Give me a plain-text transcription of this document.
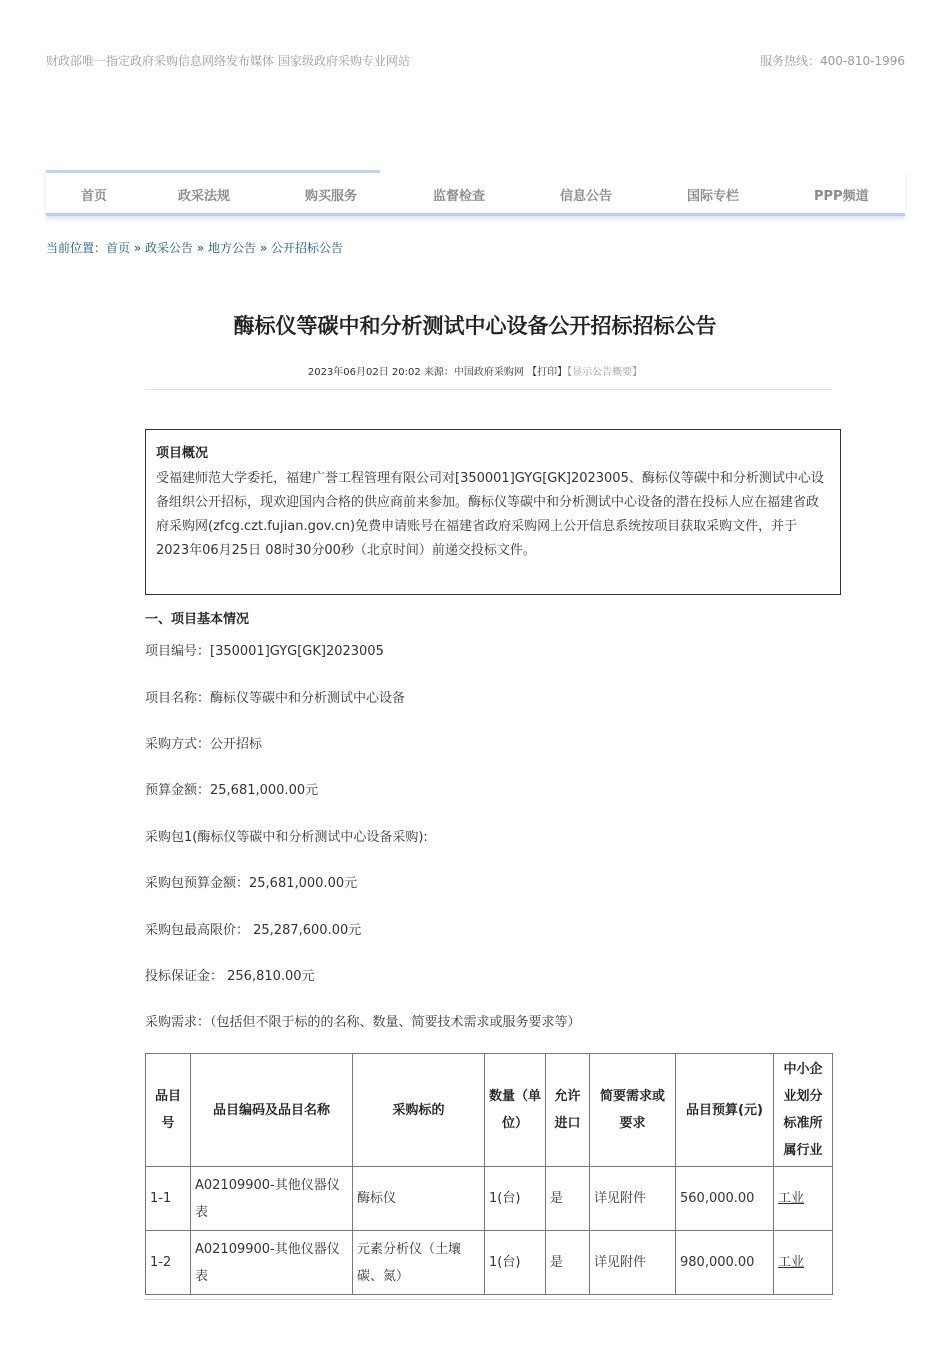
财政部唯一指定政府采购信息网络发布媒体 国家级政府采购专业网站	服务热线：400-810-1996
首页	政采法规	购买服务	监督检查	信息公告	国际专栏	PPP频道
当前位置：首页 » 政采公告 » 地方公告 » 公开招标公告
酶标仪等碳中和分析测试中心设备公开招标招标公告
2023年06月02日 20:02 来源：中国政府采购网 【打印】【显示公告概要】
项目概况
受福建师范大学委托，福建广誉工程管理有限公司对[350001]GYG[GK]2023005、酶标仪等碳中和分析测试中心设备组织公开招标，现欢迎国内合格的供应商前来参加。酶标仪等碳中和分析测试中心设备的潜在投标人应在福建省政府采购网(zfcg.czt.fujian.gov.cn)免费申请账号在福建省政府采购网上公开信息系统按项目获取采购文件，并于2023年06月25日 08时30分00秒（北京时间）前递交投标文件。
一、项目基本情况
项目编号：[350001]GYG[GK]2023005
项目名称：酶标仪等碳中和分析测试中心设备
采购方式：公开招标
预算金额：25,681,000.00元
采购包1(酶标仪等碳中和分析测试中心设备采购):
采购包预算金额：25,681,000.00元
采购包最高限价： 25,287,600.00元
投标保证金： 256,810.00元
采购需求：（包括但不限于标的的名称、数量、简要技术需求或服务要求等）
品目号	品目编码及品目名称	采购标的	数量（单位）	允许进口	简要需求或要求	品目预算(元)	中小企业划分标准所属行业
1-1	A02109900-其他仪器仪表	酶标仪	1(台)	是	详见附件	560,000.00	工业
1-2	A02109900-其他仪器仪表	元素分析仪（土壤碳、氮）	1(台)	是	详见附件	980,000.00	工业
